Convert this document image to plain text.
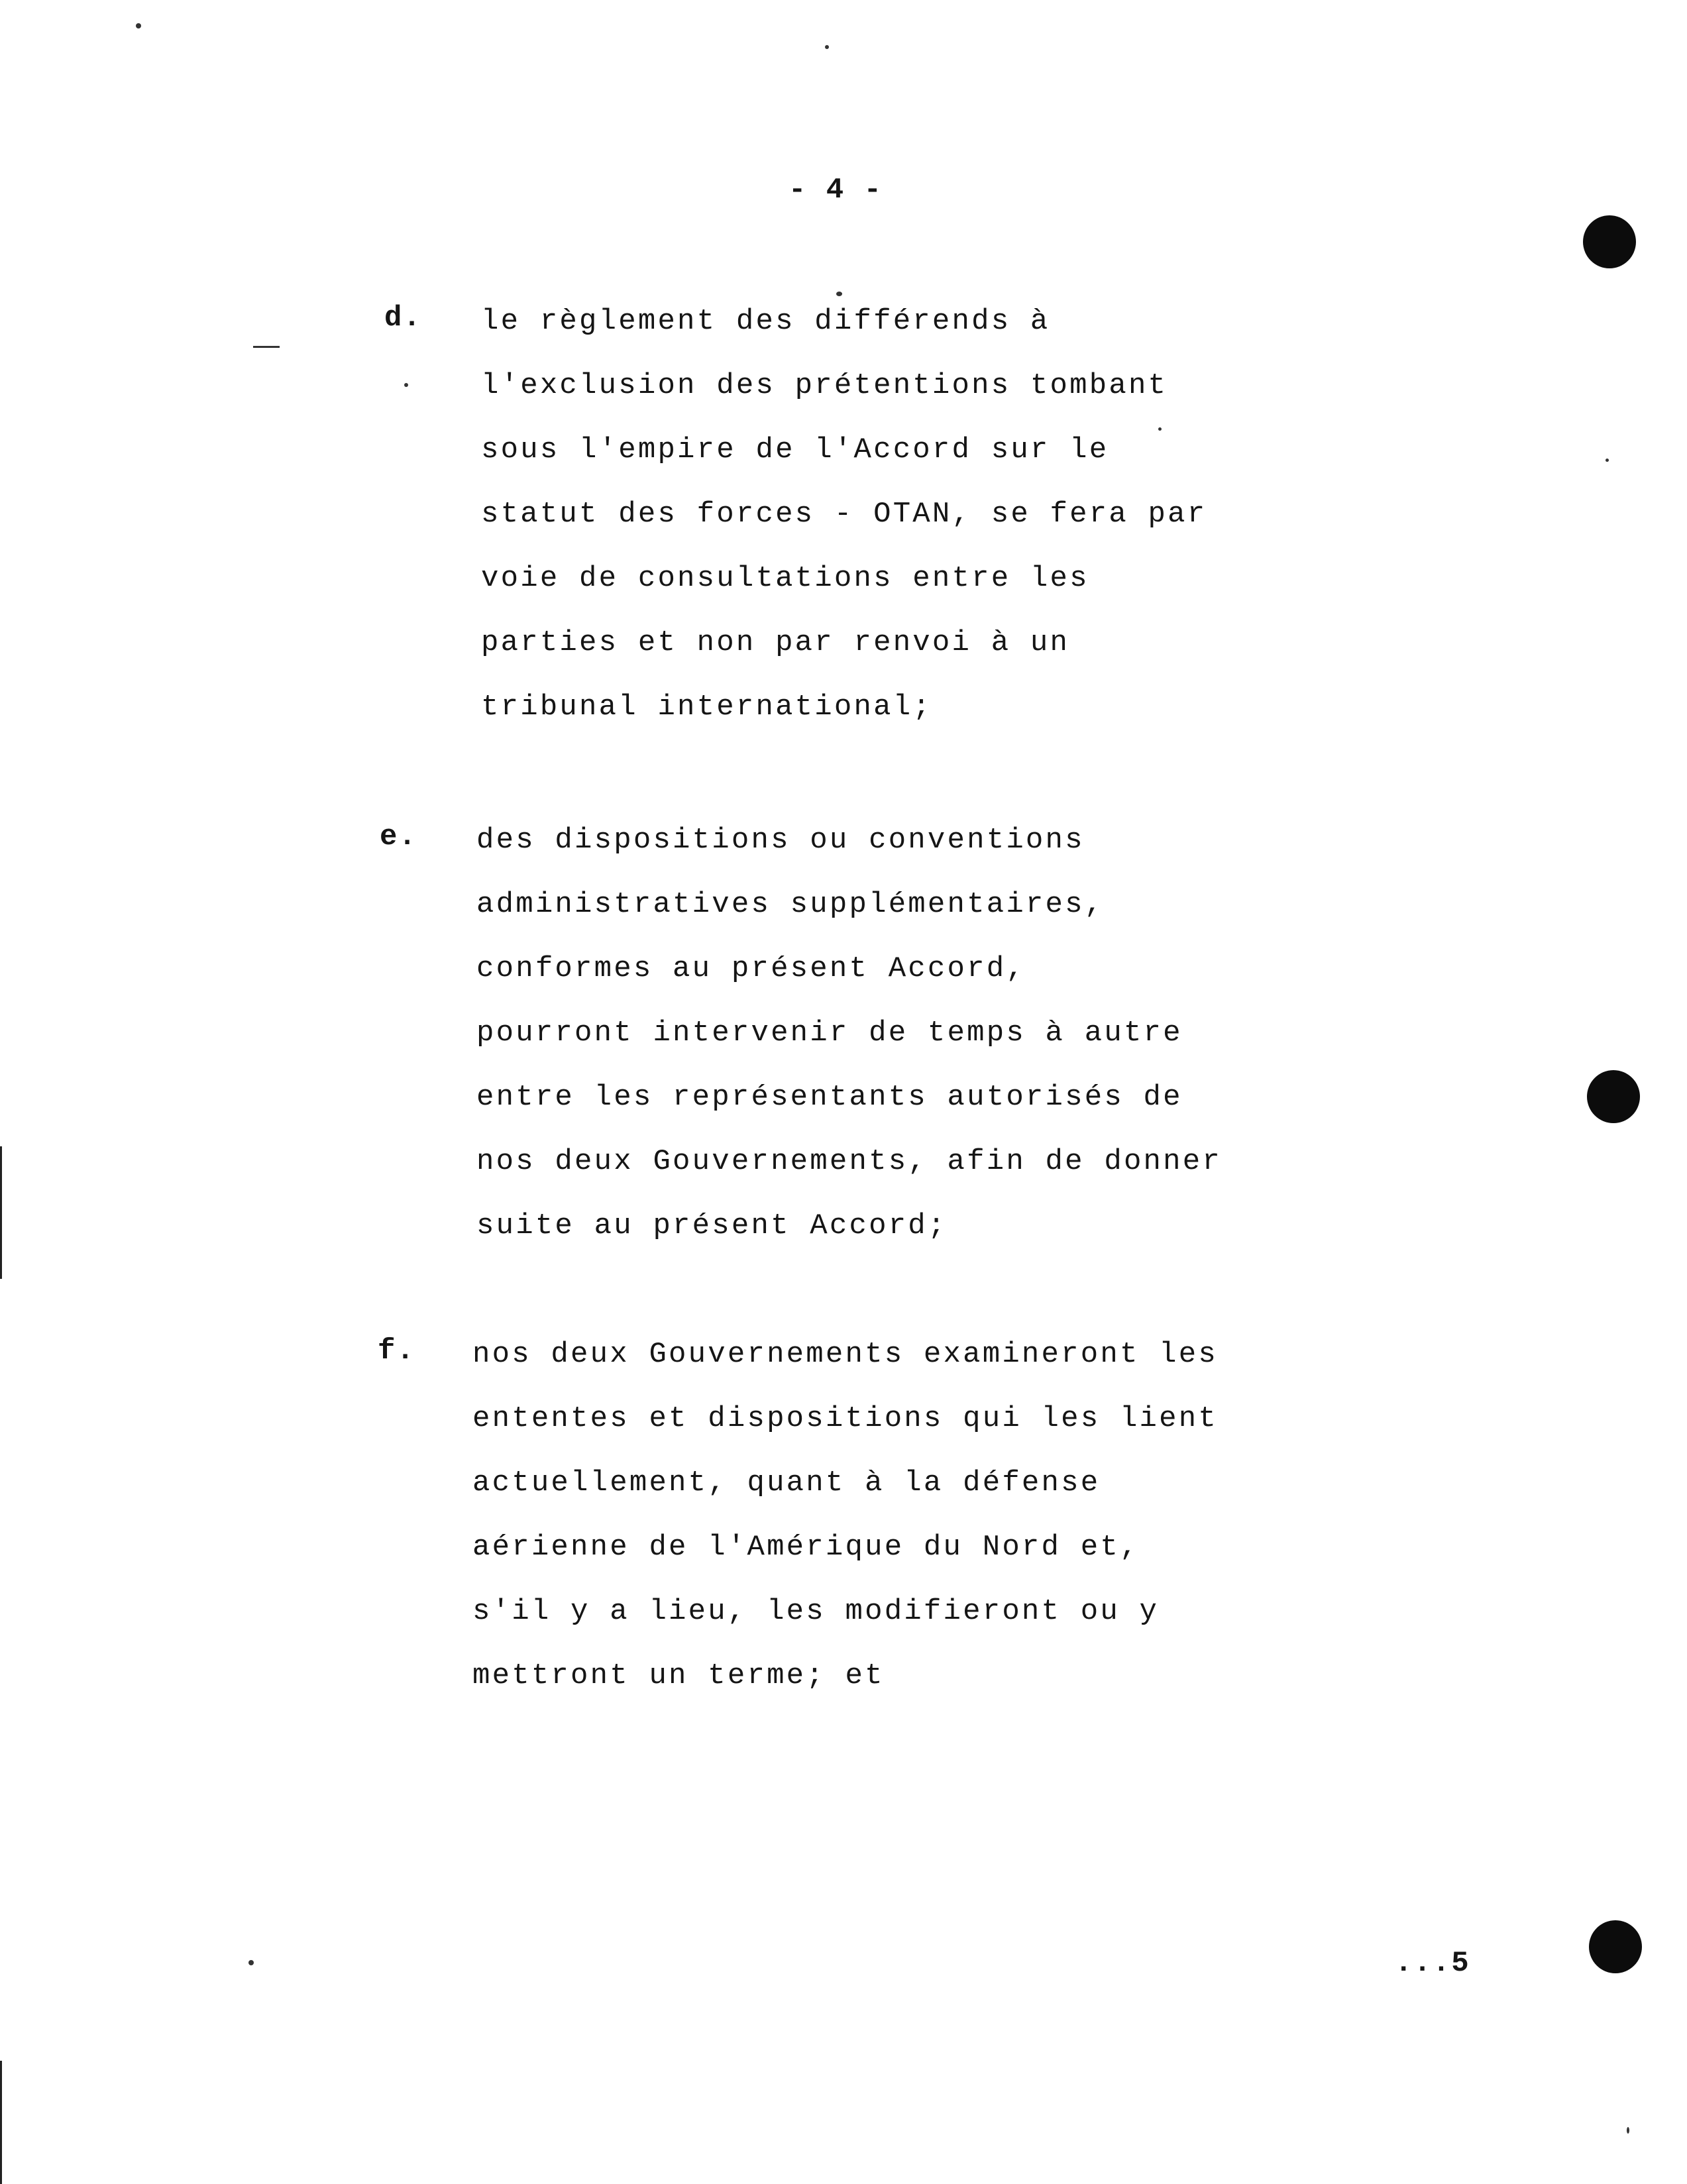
- 4 -
d. le règlement des différends à
l'exclusion des prétentions tombant
sous l'empire de l'Accord sur le
statut des forces - OTAN, se fera par
voie de consultations entre les
parties et non par renvoi à un
tribunal international;
e. des dispositions ou conventions
administratives supplémentaires,
conformes au présent Accord,
pourront intervenir de temps à autre
entre les représentants autorisés de
nos deux Gouvernements, afin de donner
suite au présent Accord;
f. nos deux Gouvernements examineront les
ententes et dispositions qui les lient
actuellement, quant à la défense
aérienne de l'Amérique du Nord et,
s'il y a lieu, les modifieront ou y
mettront un terme; et
...5
